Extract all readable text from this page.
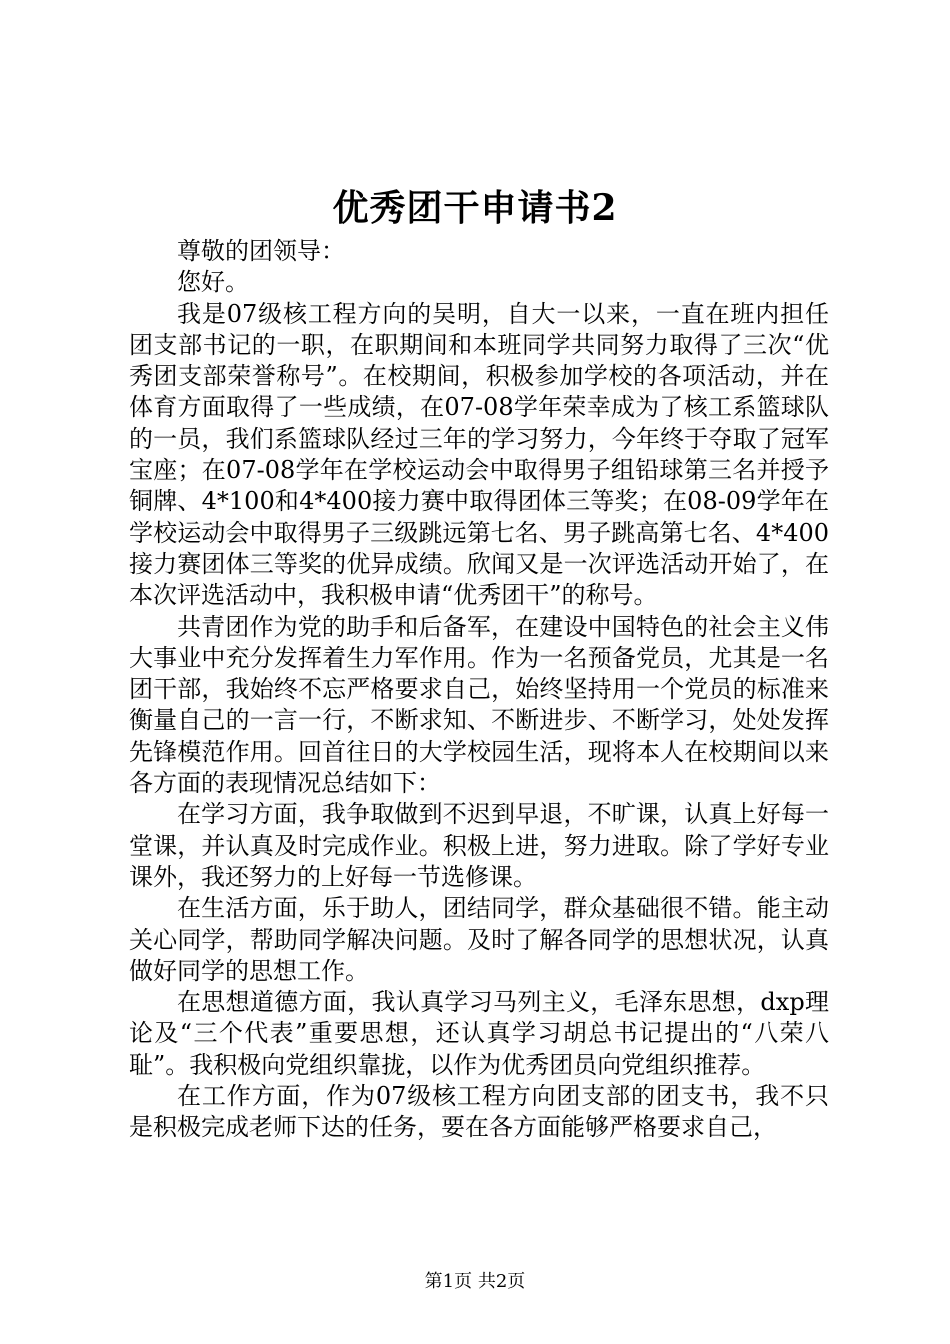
优秀团干申请书2

尊敬的团领导：

您好。

我是07级核工程方向的吴明，自大一以来，一直在班内担任团支部书记的一职，在职期间和本班同学共同努力取得了三次“优秀团支部荣誉称号”。在校期间，积极参加学校的各项活动，并在体育方面取得了一些成绩，在07-08学年荣幸成为了核工系篮球队的一员，我们系篮球队经过三年的学习努力，今年终于夺取了冠军宝座；在07-08学年在学校运动会中取得男子组铅球第三名并授予铜牌、4*100和4*400接力赛中取得团体三等奖；在08-09学年在学校运动会中取得男子三级跳远第七名、男子跳高第七名、4*400接力赛团体三等奖的优异成绩。欣闻又是一次评选活动开始了，在本次评选活动中，我积极申请“优秀团干”的称号。

共青团作为党的助手和后备军，在建设中国特色的社会主义伟大事业中充分发挥着生力军作用。作为一名预备党员，尤其是一名团干部，我始终不忘严格要求自己，始终坚持用一个党员的标准来衡量自己的一言一行，不断求知、不断进步、不断学习，处处发挥先锋模范作用。回首往日的大学校园生活，现将本人在校期间以来各方面的表现情况总结如下：

在学习方面，我争取做到不迟到早退，不旷课，认真上好每一堂课，并认真及时完成作业。积极上进，努力进取。除了学好专业课外，我还努力的上好每一节选修课。

在生活方面，乐于助人，团结同学，群众基础很不错。能主动关心同学，帮助同学解决问题。及时了解各同学的思想状况，认真做好同学的思想工作。

在思想道德方面，我认真学习马列主义，毛泽东思想，dxp理论及“三个代表”重要思想，还认真学习胡总书记提出的“八荣八耻”。我积极向党组织靠拢，以作为优秀团员向党组织推荐。

在工作方面，作为07级核工程方向团支部的团支书，我不只是积极完成老师下达的任务，要在各方面能够严格要求自己，

第1页 共2页
